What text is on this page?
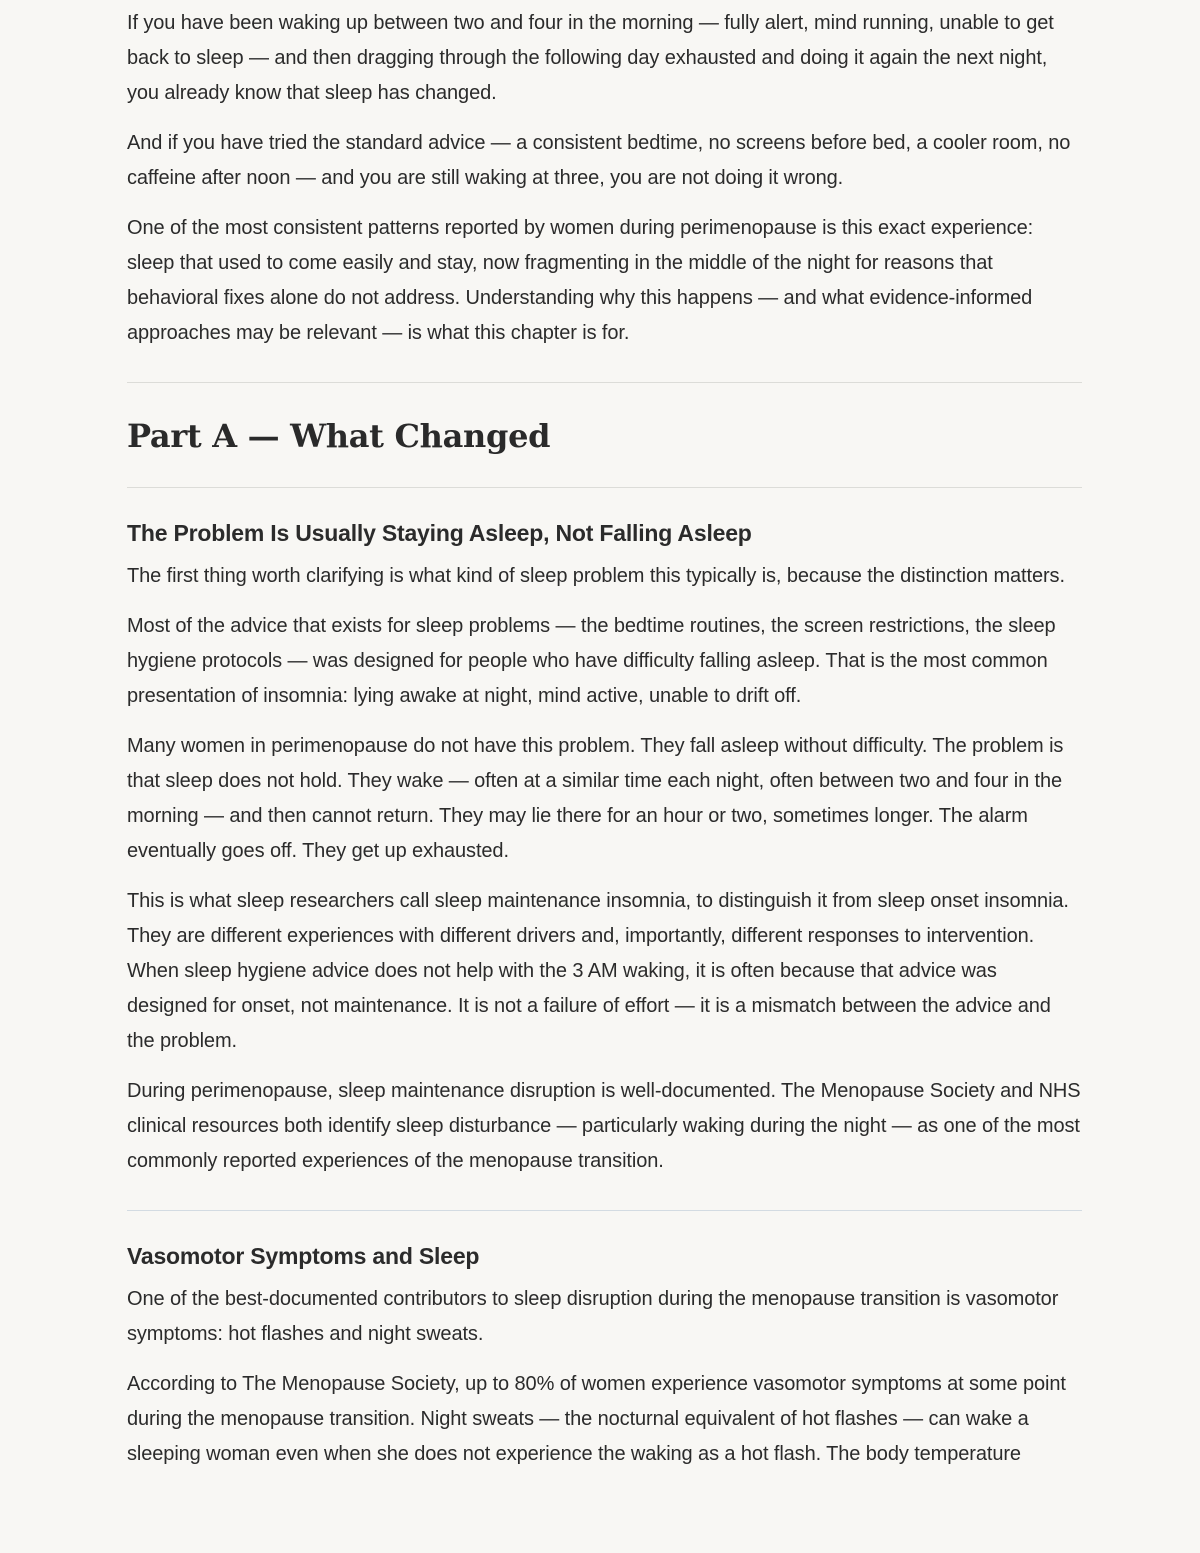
If you have been waking up between two and four in the morning — fully alert, mind running, unable to get back to sleep — and then dragging through the following day exhausted and doing it again the next night, you already know that sleep has changed.

And if you have tried the standard advice — a consistent bedtime, no screens before bed, a cooler room, no caffeine after noon — and you are still waking at three, you are not doing it wrong.

One of the most consistent patterns reported by women during perimenopause is this exact experience: sleep that used to come easily and stay, now fragmenting in the middle of the night for reasons that behavioral fixes alone do not address. Understanding why this happens — and what evidence-informed approaches may be relevant — is what this chapter is for.

Part A — What Changed
The Problem Is Usually Staying Asleep, Not Falling Asleep

The first thing worth clarifying is what kind of sleep problem this typically is, because the distinction matters.

Most of the advice that exists for sleep problems — the bedtime routines, the screen restrictions, the sleep hygiene protocols — was designed for people who have difficulty falling asleep. That is the most common presentation of insomnia: lying awake at night, mind active, unable to drift off.

Many women in perimenopause do not have this problem. They fall asleep without difficulty. The problem is that sleep does not hold. They wake — often at a similar time each night, often between two and four in the morning — and then cannot return. They may lie there for an hour or two, sometimes longer. The alarm eventually goes off. They get up exhausted.

This is what sleep researchers call sleep maintenance insomnia, to distinguish it from sleep onset insomnia. They are different experiences with different drivers and, importantly, different responses to intervention. When sleep hygiene advice does not help with the 3 AM waking, it is often because that advice was designed for onset, not maintenance. It is not a failure of effort — it is a mismatch between the advice and the problem.

During perimenopause, sleep maintenance disruption is well-documented. The Menopause Society and NHS clinical resources both identify sleep disturbance — particularly waking during the night — as one of the most commonly reported experiences of the menopause transition.

Vasomotor Symptoms and Sleep

One of the best-documented contributors to sleep disruption during the menopause transition is vasomotor symptoms: hot flashes and night sweats.

According to The Menopause Society, up to 80% of women experience vasomotor symptoms at some point during the menopause transition. Night sweats — the nocturnal equivalent of hot flashes — can wake a sleeping woman even when she does not experience the waking as a hot flash. The body temperature
